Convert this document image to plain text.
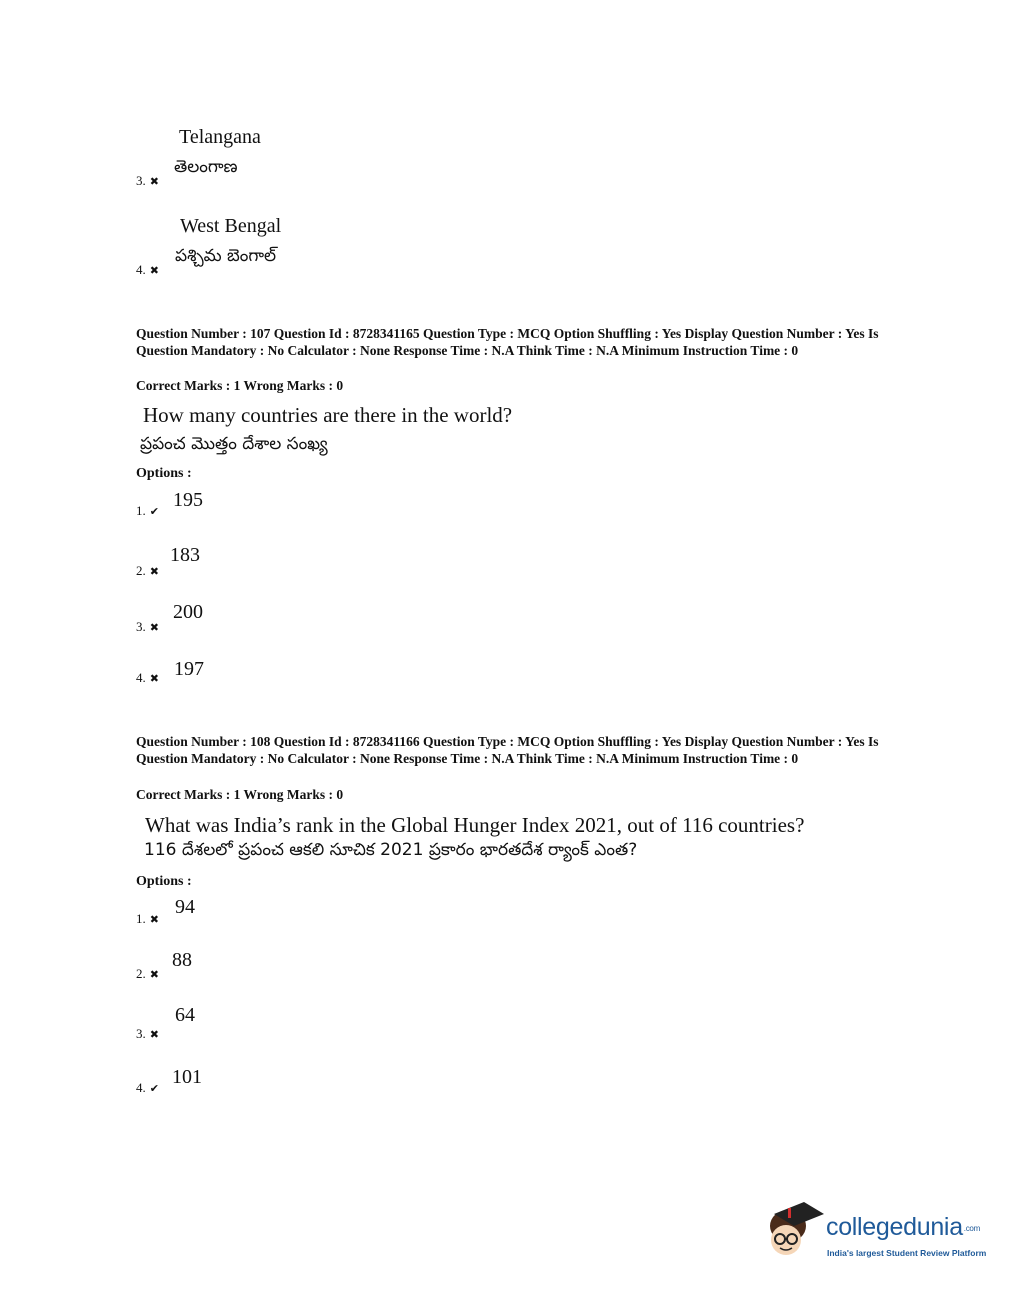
Telangana
తెలంగాణ
3. ✖
West Bengal
పశ్చిమ బెంగాల్
4. ✖
Question Number : 107 Question Id : 8728341165 Question Type : MCQ Option Shuffling : Yes Display Question Number : Yes Is Question Mandatory : No Calculator : None Response Time : N.A Think Time : N.A Minimum Instruction Time : 0
Correct Marks : 1 Wrong Marks : 0
How many countries are there in the world?
ప్రపంచ మొత్తం దేశాల సంఖ్య
Options :
1. ✔
195
2. ✖
183
3. ✖
200
4. ✖ 197
Question Number : 108 Question Id : 8728341166 Question Type : MCQ Option Shuffling : Yes Display Question Number : Yes Is Question Mandatory : No Calculator : None Response Time : N.A Think Time : N.A Minimum Instruction Time : 0
Correct Marks : 1 Wrong Marks : 0
What was India’s rank in the Global Hunger Index 2021, out of 116 countries?
116 దేశలలో ప్రపంచ ఆకలి సూచిక 2021 ప్రకారం భారతదేశ ర్యాంక్ ఎంత?
Options :
1. ✖
94
2. ✖
88
3. ✖
64
4. ✔
101
collegedunia.com
India's largest Student Review Platform
